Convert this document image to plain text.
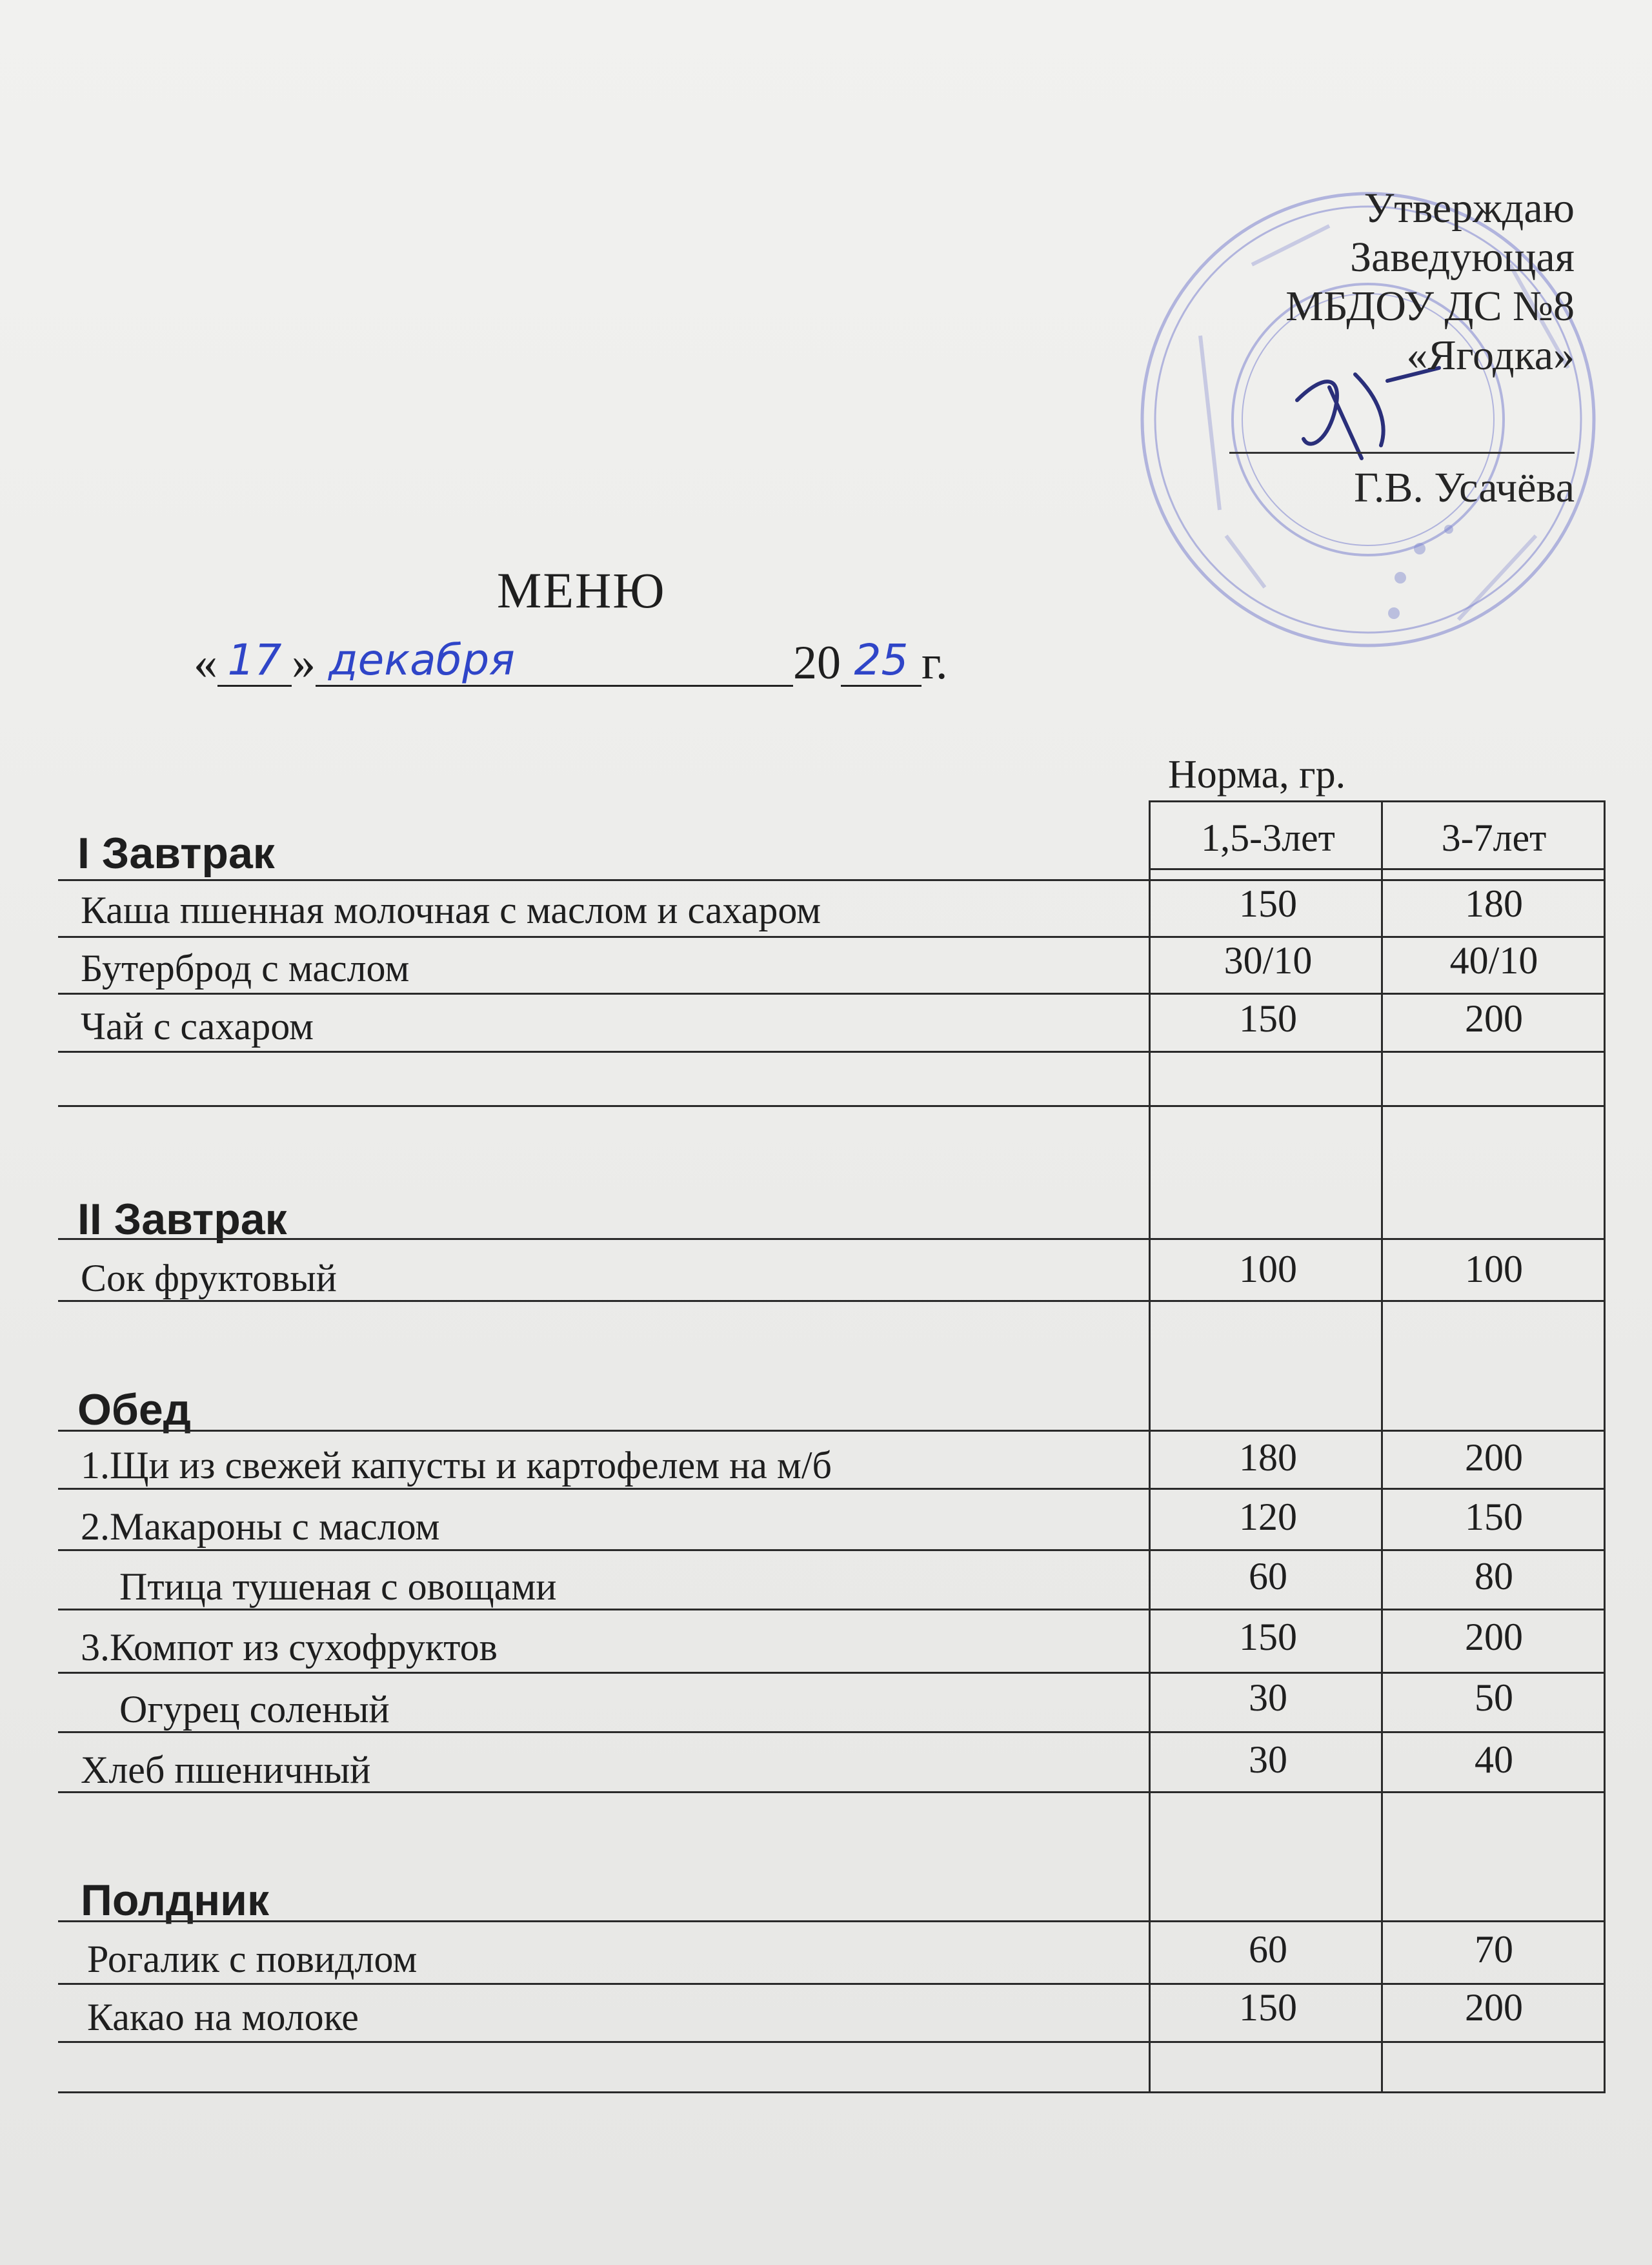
Утверждаю
Заведующая
МБДОУ ДС №8
«Ягодка»
Г.В. Усачёва
МЕНЮ
« 17 » декабря	20 25 г.
Норма, гр.
1,5-3лет	3-7лет
I Завтрак
Каша пшенная молочная с маслом и сахаром	150	180
Бутерброд с маслом	30/10	40/10
Чай с сахаром	150	200
II Завтрак
Сок фруктовый	100	100
Обед
1.Щи из свежей капусты и картофелем на м/б	180	200
2.Макароны с маслом	120	150
Птица тушеная с овощами	60	80
3.Компот из сухофруктов	150	200
Огурец соленый	30	50
Хлеб пшеничный	30	40
Полдник
Рогалик с повидлом	60	70
Какао на молоке	150	200
